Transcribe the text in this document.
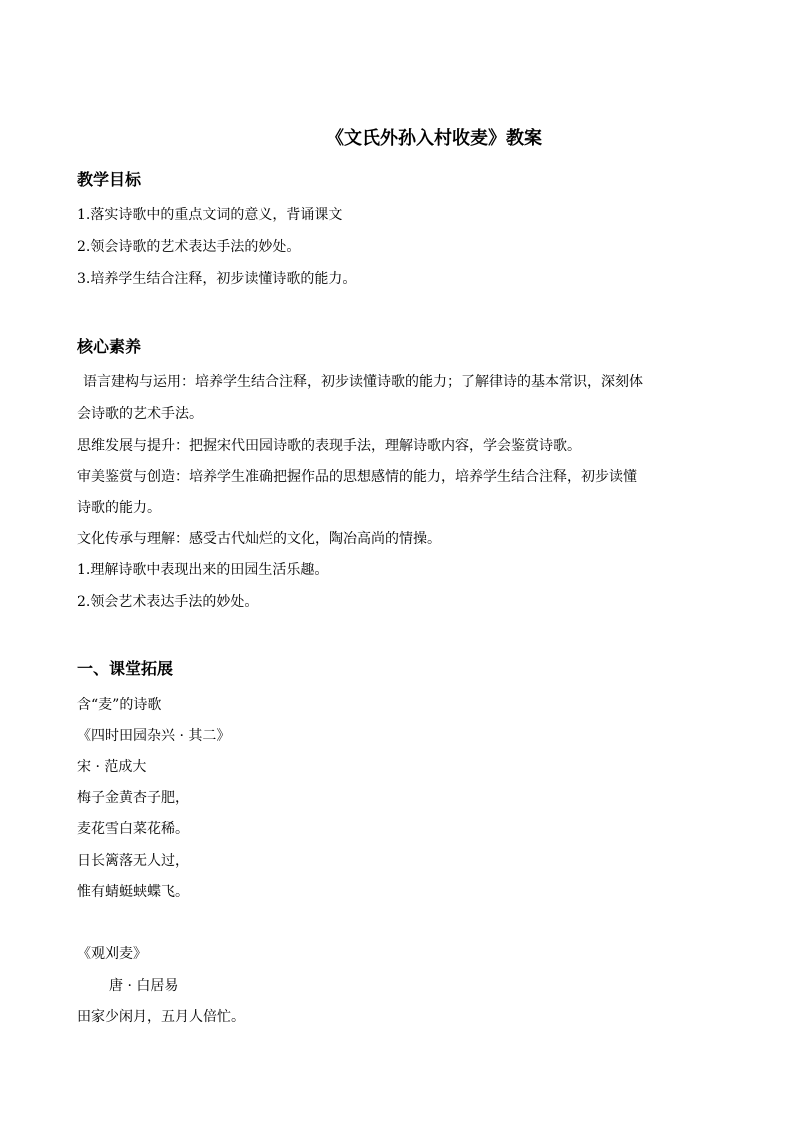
《文氏外孙入村收麦》教案
教学目标

1.落实诗歌中的重点文词的意义，背诵课文

2.领会诗歌的艺术表达手法的妙处。

3.培养学生结合注释，初步读懂诗歌的能力。

核心素养

语言建构与运用：培养学生结合注释，初步读懂诗歌的能力；了解律诗的基本常识，深刻体

会诗歌的艺术手法。

思维发展与提升：把握宋代田园诗歌的表现手法，理解诗歌内容，学会鉴赏诗歌。

审美鉴赏与创造：培养学生准确把握作品的思想感情的能力，培养学生结合注释，初步读懂

诗歌的能力。

文化传承与理解：感受古代灿烂的文化，陶冶高尚的情操。

1.理解诗歌中表现出来的田园生活乐趣。

2.领会艺术表达手法的妙处。

一、课堂拓展

含“麦”的诗歌

《四时田园杂兴 · 其二》

宋 · 范成大

梅子金黄杏子肥，

麦花雪白菜花稀。

日长篱落无人过，

惟有蜻蜓蛱蝶飞。

《观刈麦》

唐 · 白居易

田家少闲月，五月人倍忙。
